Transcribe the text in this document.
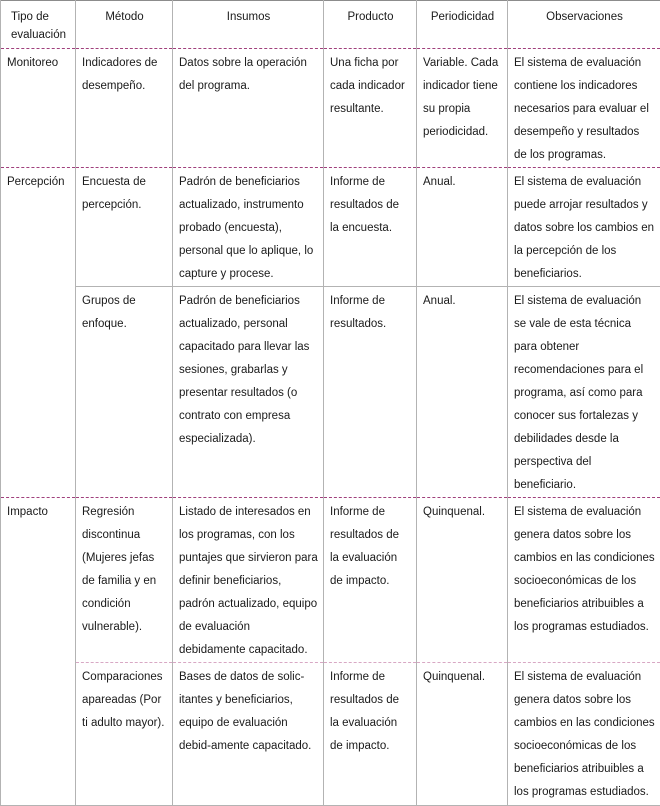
Tipo de evaluación	Método	Insumos	Producto	Periodicidad	Observaciones
Monitoreo	Indicadores de desempeño.	Datos sobre la operación del programa.	Una ficha por cada indicador resultante.	Variable. Cada indicador tiene su propia periodicidad.	El sistema de evaluación contiene los indicadores necesarios para evaluar el desempeño y resultados de los programas.
Percepción	Encuesta de percepción.	Padrón de beneficiarios actualizado, instrumento probado (encuesta), personal que lo aplique, lo capture y procese.	Informe de resultados de la encuesta.	Anual.	El sistema de evaluación puede arrojar resultados y datos sobre los cambios en la percepción de los beneficiarios.
	Grupos de enfoque.	Padrón de beneficiarios actualizado, personal capacitado para llevar las sesiones, grabarlas y presentar resultados (o contrato con empresa especializada).	Informe de resultados.	Anual.	El sistema de evaluación se vale de esta técnica para obtener recomendaciones para el programa, así como para conocer sus fortalezas y debilidades desde la perspectiva del beneficiario.
Impacto	Regresión discontinua (Mujeres jefas de familia y en condición vulnerable).	Listado de interesados en los programas, con los puntajes que sirvieron para definir beneficiarios, padrón actualizado, equipo de evaluación debidamente capacitado.	Informe de resultados de la evaluación de impacto.	Quinquenal.	El sistema de evaluación genera datos sobre los cambios en las condiciones socioeconómicas de los beneficiarios atribuibles a los programas estudiados.
	Comparaciones apareadas (Por ti adulto mayor).	Bases de datos de solic-itantes y beneficiarios, equipo de evaluación debid-amente capacitado.	Informe de resultados de la evaluación de impacto.	Quinquenal.	El sistema de evaluación genera datos sobre los cambios en las condiciones socioeconómicas de los beneficiarios atribuibles a los programas estudiados.
